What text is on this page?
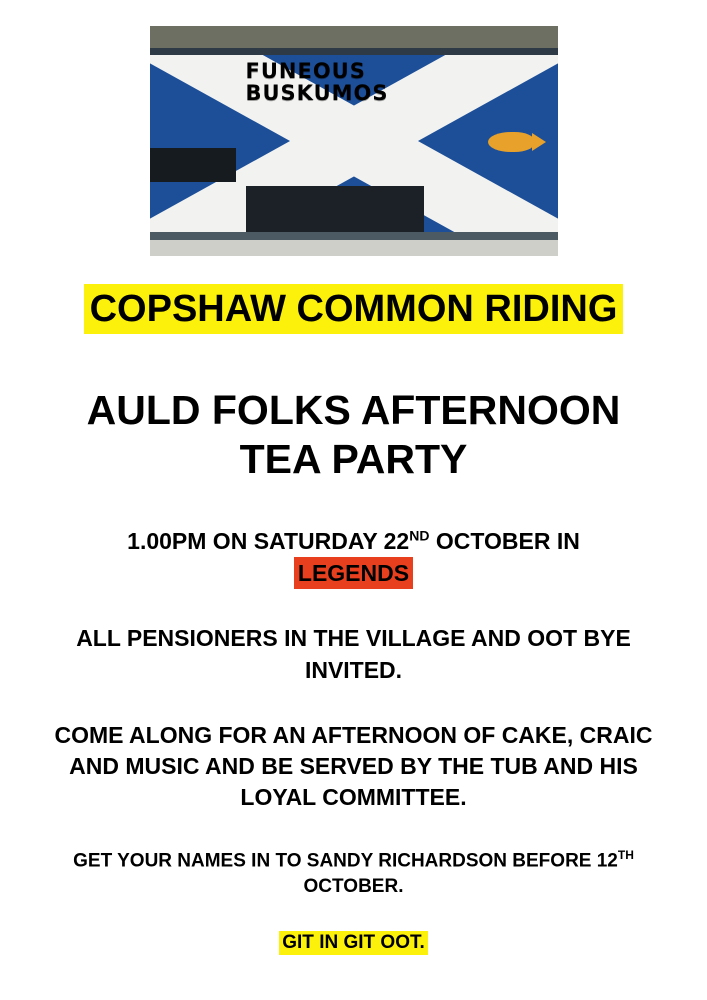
FUNEOUS
BUSKUMOS
COPSHAW COMMON RIDING
AULD FOLKS AFTERNOON
TEA PARTY
1.00PM ON SATURDAY 22ND OCTOBER IN
LEGENDS
ALL PENSIONERS IN THE VILLAGE AND OOT BYE INVITED.
COME ALONG FOR AN AFTERNOON OF CAKE, CRAIC AND MUSIC AND BE SERVED BY THE TUB AND HIS LOYAL COMMITTEE.
GET YOUR NAMES IN TO SANDY RICHARDSON BEFORE 12TH OCTOBER.
GIT IN GIT OOT.
